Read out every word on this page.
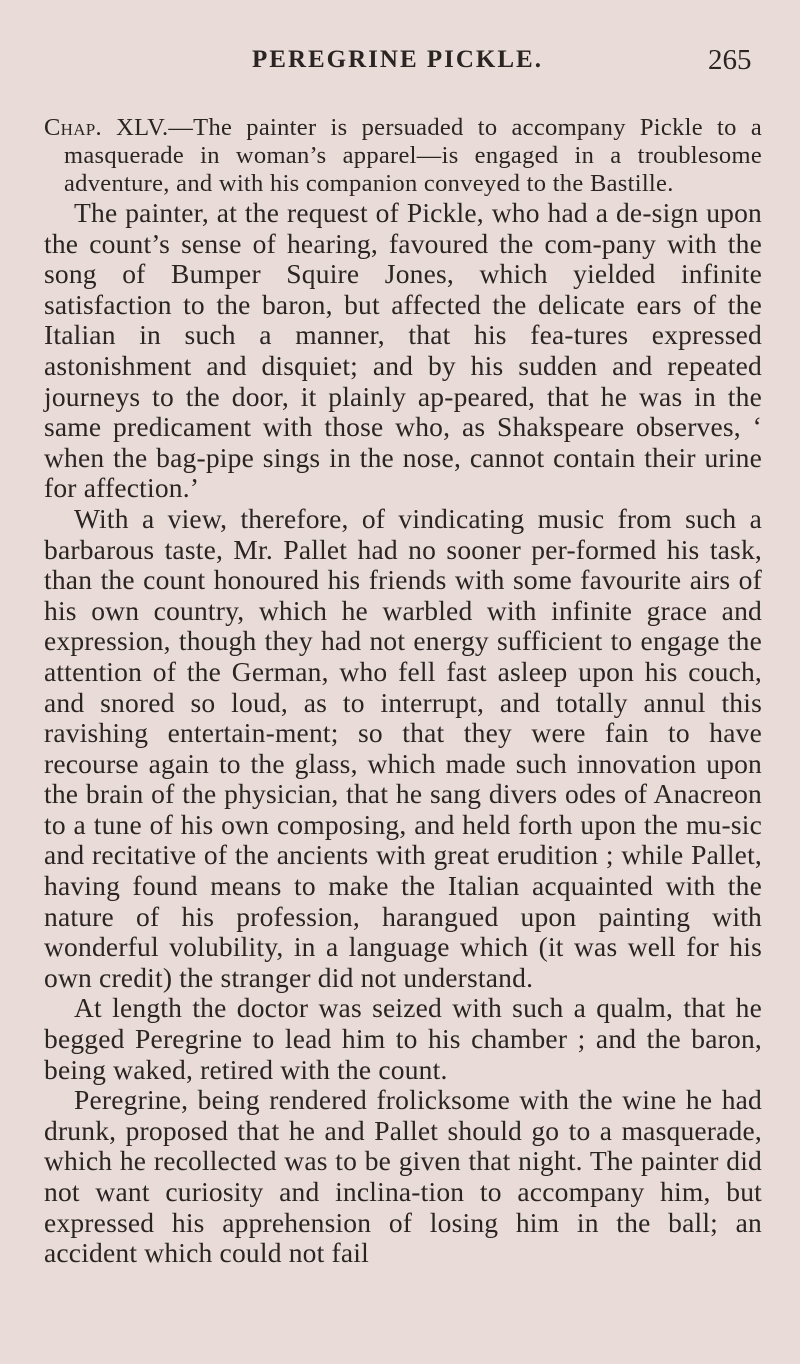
PEREGRINE PICKLE.	265

Chap. XLV.—The painter is persuaded to accompany Pickle to a masquerade in woman’s apparel—is engaged in a troublesome adventure, and with his companion conveyed to the Bastille.

The painter, at the request of Pickle, who had a de-sign upon the count’s sense of hearing, favoured the com-pany with the song of Bumper Squire Jones, which yielded infinite satisfaction to the baron, but affected the delicate ears of the Italian in such a manner, that his fea-tures expressed astonishment and disquiet; and by his sudden and repeated journeys to the door, it plainly ap-peared, that he was in the same predicament with those who, as Shakspeare observes, ‘ when the bag-pipe sings in the nose, cannot contain their urine for affection.’

With a view, therefore, of vindicating music from such a barbarous taste, Mr. Pallet had no sooner per-formed his task, than the count honoured his friends with some favourite airs of his own country, which he warbled with infinite grace and expression, though they had not energy sufficient to engage the attention of the German, who fell fast asleep upon his couch, and snored so loud, as to interrupt, and totally annul this ravishing entertain-ment; so that they were fain to have recourse again to the glass, which made such innovation upon the brain of the physician, that he sang divers odes of Anacreon to a tune of his own composing, and held forth upon the mu-sic and recitative of the ancients with great erudition ; while Pallet, having found means to make the Italian acquainted with the nature of his profession, harangued upon painting with wonderful volubility, in a language which (it was well for his own credit) the stranger did not understand.

At length the doctor was seized with such a qualm, that he begged Peregrine to lead him to his chamber ; and the baron, being waked, retired with the count.

Peregrine, being rendered frolicksome with the wine he had drunk, proposed that he and Pallet should go to a masquerade, which he recollected was to be given that night. The painter did not want curiosity and inclina-tion to accompany him, but expressed his apprehension of losing him in the ball; an accident which could not fail
